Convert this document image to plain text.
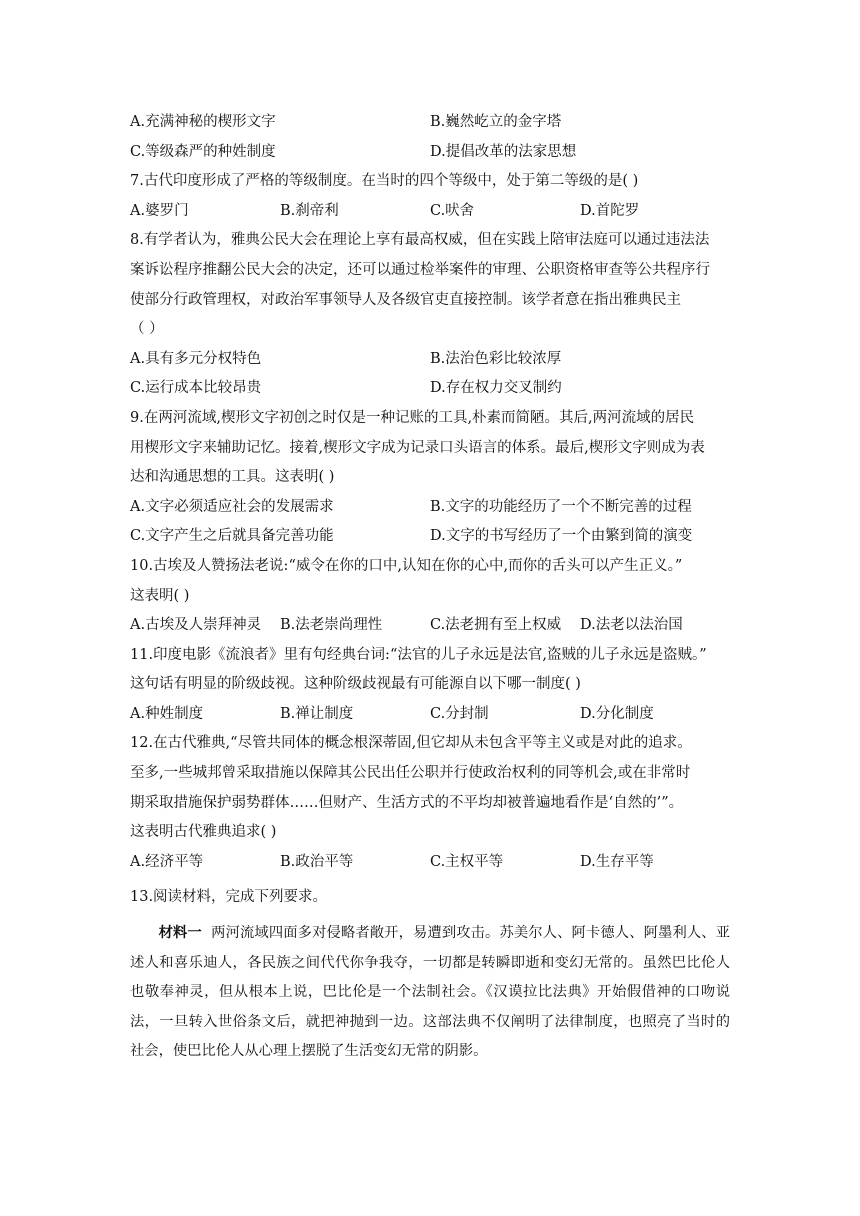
A.充满神秘的楔形文字	B.巍然屹立的金字塔
C.等级森严的种姓制度	D.提倡改革的法家思想
7.古代印度形成了严格的等级制度。在当时的四个等级中，处于第二等级的是( )
A.婆罗门	B.刹帝利	C.吠舍	D.首陀罗
8.有学者认为，雅典公民大会在理论上享有最高权威，但在实践上陪审法庭可以通过违法法
案诉讼程序推翻公民大会的决定，还可以通过检举案件的审理、公职资格审查等公共程序行
使部分行政管理权，对政治军事领导人及各级官吏直接控制。该学者意在指出雅典民主
（ ）
A.具有多元分权特色	B.法治色彩比较浓厚
C.运行成本比较昂贵	D.存在权力交叉制约
9.在两河流域,楔形文字初创之时仅是一种记账的工具,朴素而简陋。其后,两河流域的居民
用楔形文字来辅助记忆。接着,楔形文字成为记录口头语言的体系。最后,楔形文字则成为表
达和沟通思想的工具。这表明( )
A.文字必须适应社会的发展需求	B.文字的功能经历了一个不断完善的过程
C.文字产生之后就具备完善功能	D.文字的书写经历了一个由繁到简的演变
10.古埃及人赞扬法老说:“威令在你的口中,认知在你的心中,而你的舌头可以产生正义。”
这表明( )
A.古埃及人崇拜神灵	B.法老崇尚理性	C.法老拥有至上权威	D.法老以法治国
11.印度电影《流浪者》里有句经典台词:“法官的儿子永远是法官,盗贼的儿子永远是盗贼。”
这句话有明显的阶级歧视。这种阶级歧视最有可能源自以下哪一制度( )
A.种姓制度	B.禅让制度	C.分封制	D.分化制度
12.在古代雅典,“尽管共同体的概念根深蒂固,但它却从未包含平等主义或是对此的追求。
至多,一些城邦曾采取措施以保障其公民出任公职并行使政治权利的同等机会,或在非常时
期采取措施保护弱势群体……但财产、生活方式的不平均却被普遍地看作是‘自然的’”。
这表明古代雅典追求( )
A.经济平等	B.政治平等	C.主权平等	D.生存平等
13.阅读材料，完成下列要求。
材料一 两河流域四面多对侵略者敞开，易遭到攻击。苏美尔人、阿卡德人、阿墨利人、亚述人和喜乐迪人，各民族之间代代你争我夺，一切都是转瞬即逝和变幻无常的。虽然巴比伦人也敬奉神灵，但从根本上说，巴比伦是一个法制社会。《汉谟拉比法典》开始假借神的口吻说法，一旦转入世俗条文后，就把神抛到一边。这部法典不仅阐明了法律制度，也照亮了当时的社会，使巴比伦人从心理上摆脱了生活变幻无常的阴影。
